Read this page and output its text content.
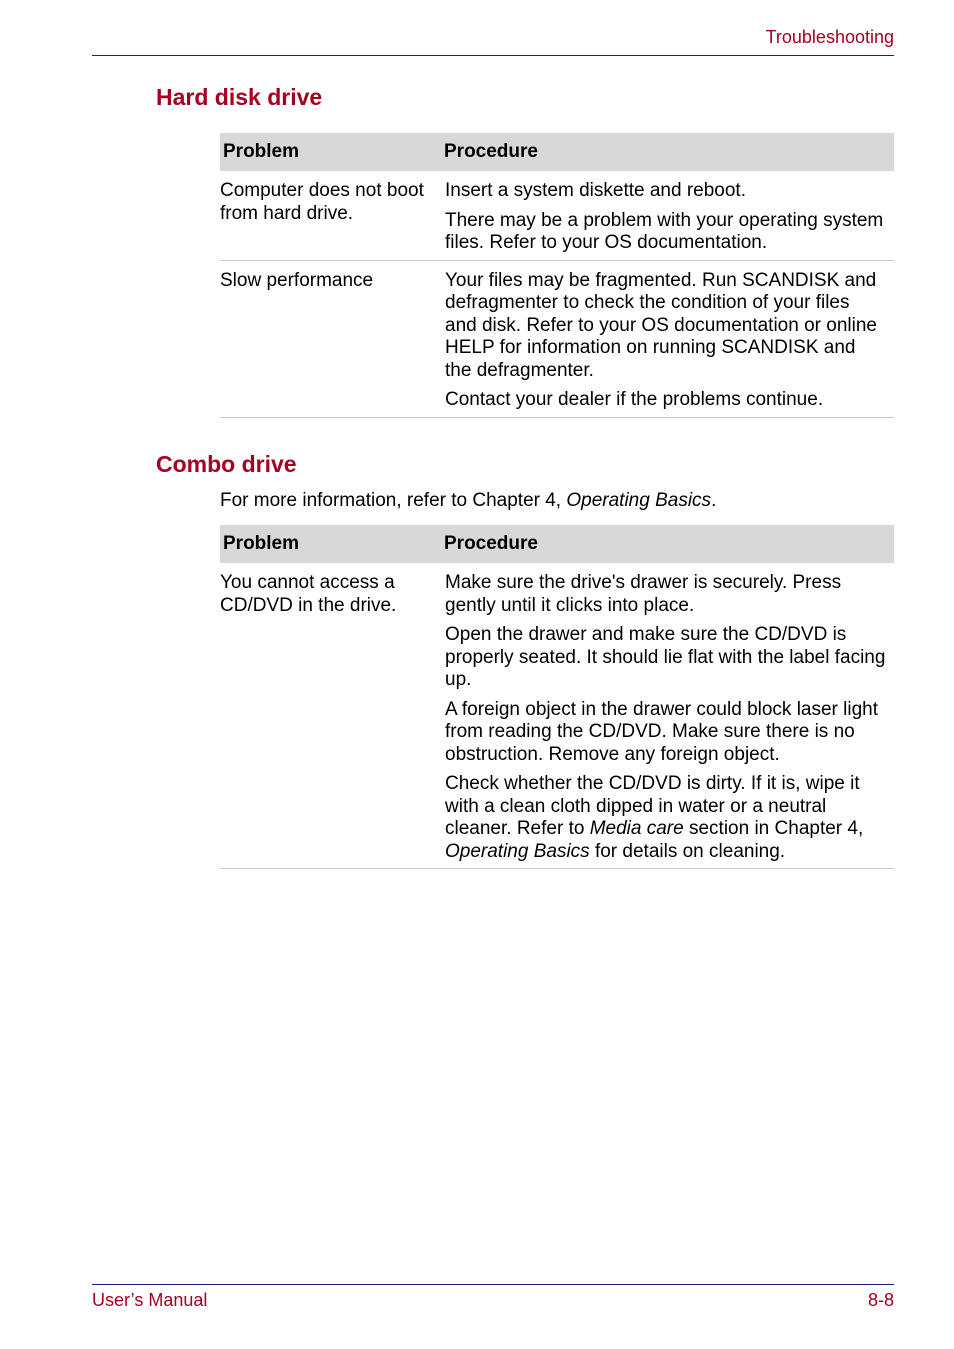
Troubleshooting
Hard disk drive
Problem	Procedure
Computer does not boot from hard drive.	Insert a system diskette and reboot.

There may be a problem with your operating system files. Refer to your OS documentation.

Slow performance	Your files may be fragmented. Run SCANDISK and defragmenter to check the condition of your files and disk. Refer to your OS documentation or online HELP for information on running SCANDISK and the defragmenter.

Contact your dealer if the problems continue.

Combo drive

For more information, refer to Chapter 4, Operating Basics.

Problem	Procedure
You cannot access a CD/DVD in the drive.	Make sure the drive's drawer is securely. Press gently until it clicks into place.

Open the drawer and make sure the CD/DVD is properly seated. It should lie flat with the label facing up.

A foreign object in the drawer could block laser light from reading the CD/DVD. Make sure there is no obstruction. Remove any foreign object.

Check whether the CD/DVD is dirty. If it is, wipe it with a clean cloth dipped in water or a neutral cleaner. Refer to Media care section in Chapter 4, Operating Basics for details on cleaning.

User’s Manual	8-8
